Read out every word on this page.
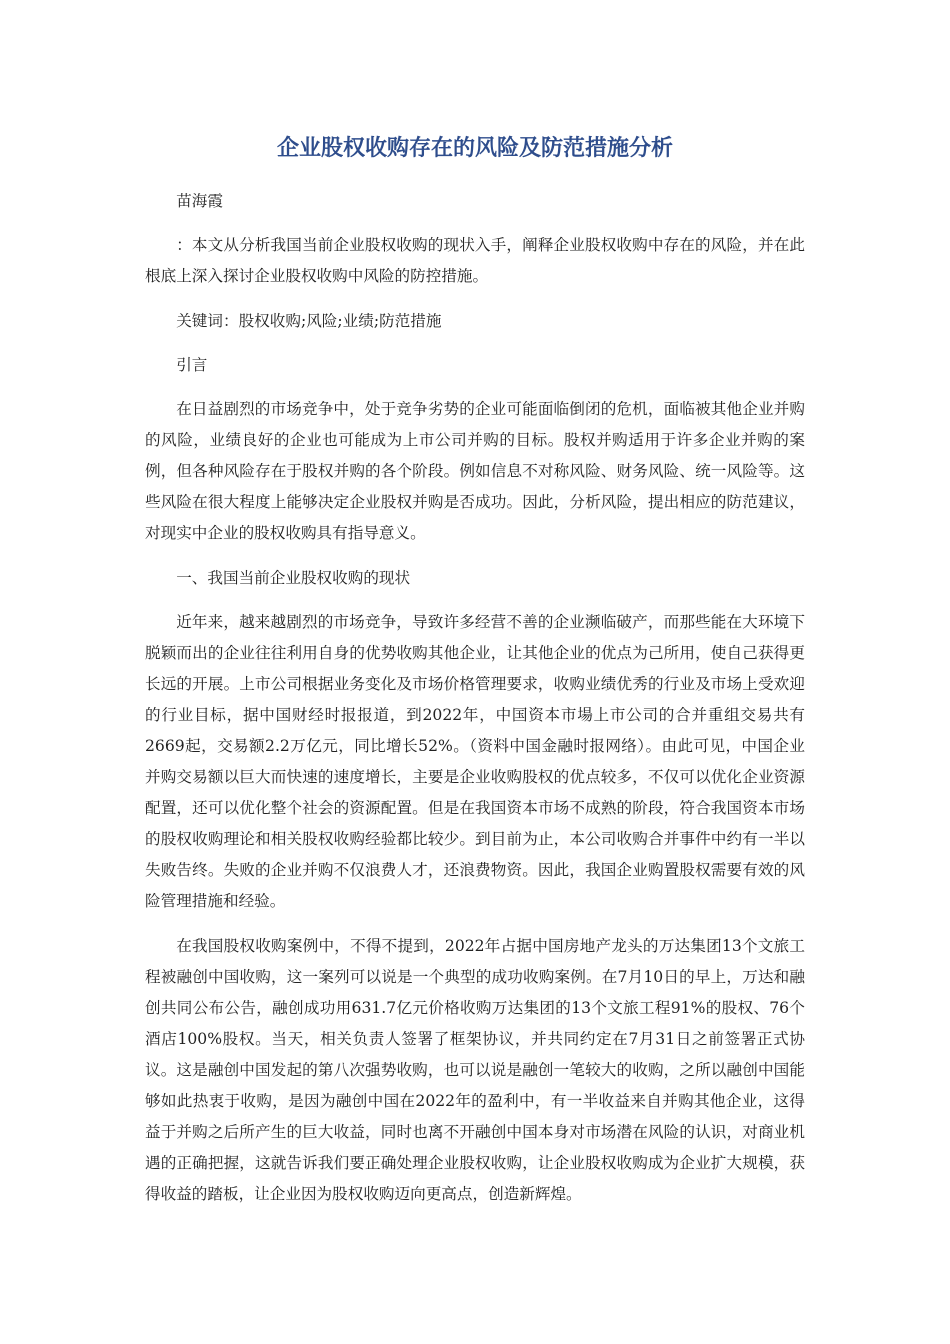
企业股权收购存在的风险及防范措施分析

苗海霞

：本文从分析我国当前企业股权收购的现状入手，阐释企业股权收购中存在的风险，并在此根底上深入探讨企业股权收购中风险的防控措施。

关键词：股权收购;风险;业绩;防范措施

引言

在日益剧烈的市场竞争中，处于竞争劣势的企业可能面临倒闭的危机，面临被其他企业并购的风险，业绩良好的企业也可能成为上市公司并购的目标。股权并购适用于许多企业并购的案例，但各种风险存在于股权并购的各个阶段。例如信息不对称风险、财务风险、统一风险等。这些风险在很大程度上能够决定企业股权并购是否成功。因此，分析风险，提出相应的防范建议，对现实中企业的股权收购具有指导意义。

一、我国当前企业股权收购的现状

近年来，越来越剧烈的市场竞争，导致许多经营不善的企业濒临破产，而那些能在大环境下脱颖而出的企业往往利用自身的优势收购其他企业，让其他企业的优点为己所用，使自己获得更长远的开展。上市公司根据业务变化及市场价格管理要求，收购业绩优秀的行业及市场上受欢迎的行业目标，据中国财经时报报道，到2022年，中国资本市場上市公司的合并重组交易共有2669起，交易额2.2万亿元，同比增长52%。（资料中国金融时报网络）。由此可见，中国企业并购交易额以巨大而快速的速度增长，主要是企业收购股权的优点较多，不仅可以优化企业资源配置，还可以优化整个社会的资源配置。但是在我国资本市场不成熟的阶段，符合我国资本市场的股权收购理论和相关股权收购经验都比较少。到目前为止，本公司收购合并事件中约有一半以失败告终。失败的企业并购不仅浪费人才，还浪费物资。因此，我国企业购置股权需要有效的风险管理措施和经验。

在我国股权收购案例中，不得不提到，2022年占据中国房地产龙头的万达集团13个文旅工程被融创中国收购，这一案列可以说是一个典型的成功收购案例。在7月10日的早上，万达和融创共同公布公告，融创成功用631.7亿元价格收购万达集团的13个文旅工程91%的股权、76个酒店100%股权。当天，相关负责人签署了框架协议，并共同约定在7月31日之前签署正式协议。这是融创中国发起的第八次强势收购，也可以说是融创一笔较大的收购，之所以融创中国能够如此热衷于收购，是因为融创中国在2022年的盈利中，有一半收益来自并购其他企业，这得益于并购之后所产生的巨大收益，同时也离不开融创中国本身对市场潜在风险的认识，对商业机遇的正确把握，这就告诉我们要正确处理企业股权收购，让企业股权收购成为企业扩大规模，获得收益的踏板，让企业因为股权收购迈向更高点，创造新辉煌。
